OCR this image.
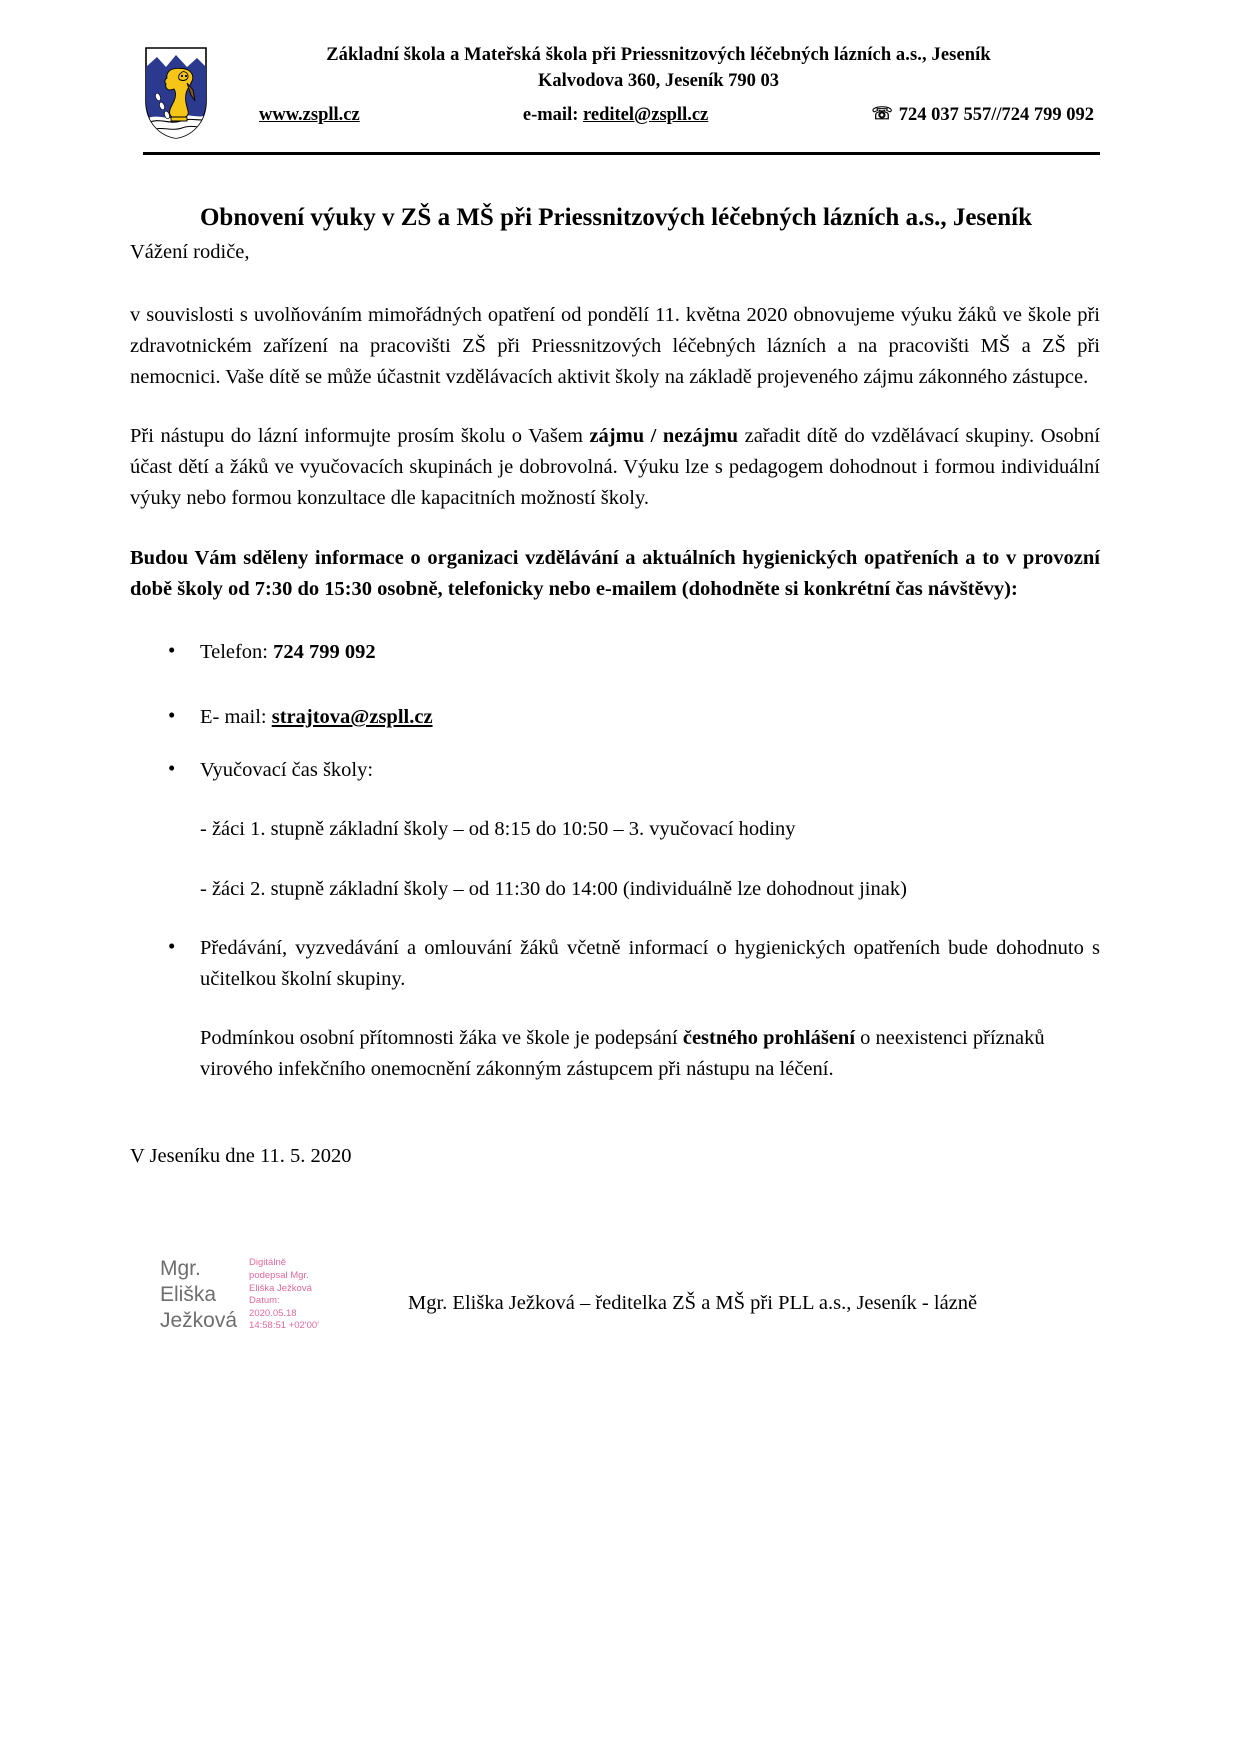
Základní škola a Mateřská škola při Priessnitzových léčebných lázních a.s., Jeseník
Kalvodova 360, Jeseník 790 03
www.zspll.cz	e-mail: reditel@zspll.cz	☏ 724 037 557//724 799 092
Obnovení výuky v ZŠ a MŠ při Priessnitzových léčebných lázních a.s., Jeseník

Vážení rodiče,

v souvislosti s uvolňováním mimořádných opatření od pondělí 11. května 2020 obnovujeme výuku žáků ve škole při zdravotnickém zařízení na pracovišti ZŠ při Priessnitzových léčebných lázních a na pracovišti MŠ a ZŠ při nemocnici. Vaše dítě se může účastnit vzdělávacích aktivit školy na základě projeveného zájmu zákonného zástupce.

Při nástupu do lázní informujte prosím školu o Vašem zájmu / nezájmu zařadit dítě do vzdělávací skupiny. Osobní účast dětí a žáků ve vyučovacích skupinách je dobrovolná. Výuku lze s pedagogem dohodnout i formou individuální výuky nebo formou konzultace dle kapacitních možností školy.

Budou Vám sděleny informace o organizaci vzdělávání a aktuálních hygienických opatřeních a to v provozní době školy od 7:30 do 15:30 osobně, telefonicky nebo e-mailem (dohodněte si konkrétní čas návštěvy):

• Telefon: 724 799 092
• E- mail: strajtova@zspll.cz
• Vyučovací čas školy:
- žáci 1. stupně základní školy – od 8:15 do 10:50 – 3. vyučovací hodiny
- žáci 2. stupně základní školy – od 11:30 do 14:00 (individuálně lze dohodnout jinak)
• Předávání, vyzvedávání a omlouvání žáků včetně informací o hygienických opatřeních bude dohodnuto s učitelkou školní skupiny.
Podmínkou osobní přítomnosti žáka ve škole je podepsání čestného prohlášení o neexistenci příznaků virového infekčního onemocnění zákonným zástupcem při nástupu na léčení.
V Jeseníku dne 11. 5. 2020
Mgr.
Eliška
Ježková
Digitálně
podepsal Mgr.
Eliška Ježková
Datum:
2020.05.18
14:58:51 +02'00'
Mgr. Eliška Ježková – ředitelka ZŠ a MŠ při PLL a.s., Jeseník - lázně
